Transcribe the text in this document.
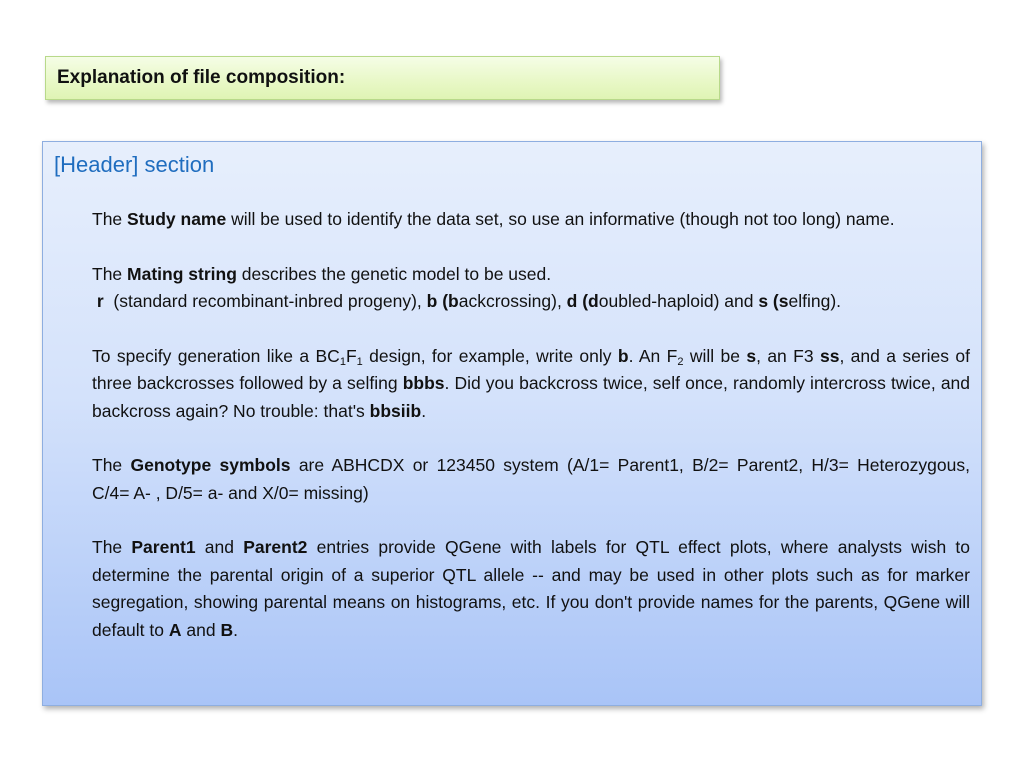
Explanation of file composition:
[Header] section

The Study name will be used to identify the data set, so use an informative (though not too long) name.

The Mating string describes the genetic model to be used.
r  (standard recombinant-inbred progeny), b (backcrossing), d (doubled-haploid) and s (selfing).

To specify generation like a $BC_1F_1$ design, for example, write only b. An $F_2$ will be s, an F3 ss, and a series of three backcrosses followed by a selfing bbbs. Did you backcross twice, self once, randomly intercross twice, and backcross again? No trouble: that's bbsiib.

The Genotype symbols are ABHCDX or 123450 system (A/1= Parent1, B/2= Parent2, H/3= Heterozygous,  C/4= A- , D/5= a- and X/0= missing)

The Parent1 and Parent2 entries provide QGene with labels for QTL effect plots, where analysts wish to determine the parental origin of a superior QTL allele -- and may be used in other plots such as for marker segregation, showing parental means on histograms, etc. If you don't provide names for the parents, QGene will default to A and B.
